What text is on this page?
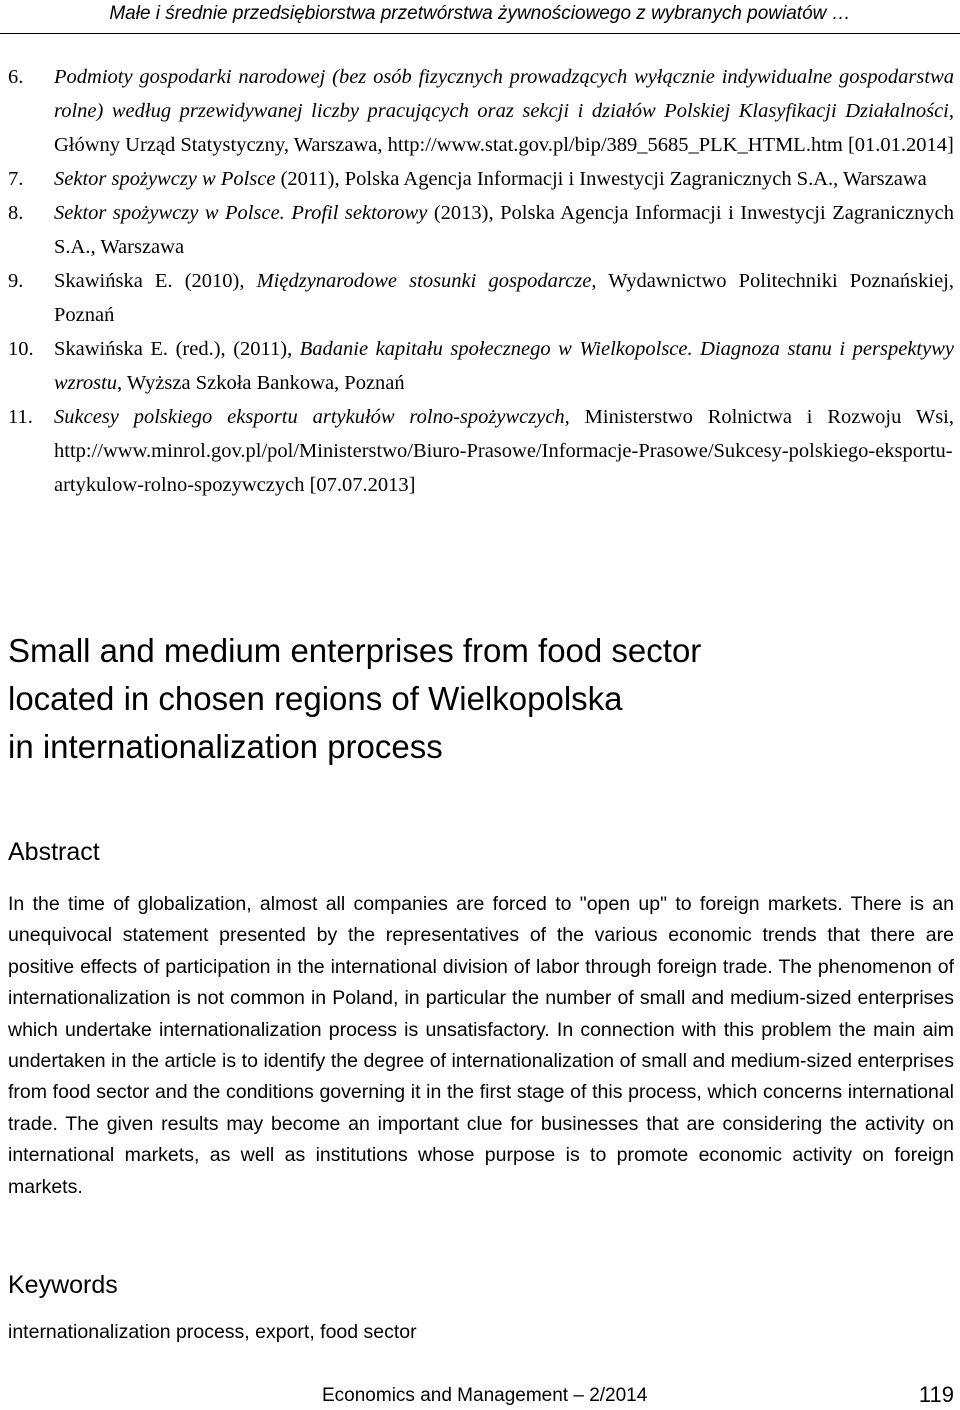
Małe i średnie przedsiębiorstwa przetwórstwa żywnościowego z wybranych powiatów …
6. Podmioty gospodarki narodowej (bez osób fizycznych prowadzących wyłącznie indywidualne gospodarstwa rolne) według przewidywanej liczby pracujących oraz sekcji i działów Polskiej Klasyfikacji Działalności, Główny Urząd Statystyczny, Warszawa, http://www.stat.gov.pl/bip/389_5685_PLK_HTML.htm [01.01.2014]
7. Sektor spożywczy w Polsce (2011), Polska Agencja Informacji i Inwestycji Zagranicznych S.A., Warszawa
8. Sektor spożywczy w Polsce. Profil sektorowy (2013), Polska Agencja Informacji i Inwestycji Zagranicznych S.A., Warszawa
9. Skawińska E. (2010), Międzynarodowe stosunki gospodarcze, Wydawnictwo Politechniki Poznańskiej, Poznań
10. Skawińska E. (red.), (2011), Badanie kapitału społecznego w Wielkopolsce. Diagnoza stanu i perspektywy wzrostu, Wyższa Szkoła Bankowa, Poznań
11. Sukcesy polskiego eksportu artykułów rolno-spożywczych, Ministerstwo Rolnictwa i Rozwoju Wsi, http://www.minrol.gov.pl/pol/Ministerstwo/Biuro-Prasowe/Informacje-Prasowe/Sukcesy-polskiego-eksportu-artykulow-rolno-spozywczych [07.07.2013]
Small and medium enterprises from food sector
located in chosen regions of Wielkopolska
in internationalization process
Abstract

In the time of globalization, almost all companies are forced to "open up" to foreign markets. There is an unequivocal statement presented by the representatives of the various economic trends that there are positive effects of participation in the international division of labor through foreign trade. The phenomenon of internationalization is not common in Poland, in particular the number of small and medium-sized enterprises which undertake internationalization process is unsatisfactory. In connection with this problem the main aim undertaken in the article is to identify the degree of internationalization of small and medium-sized enterprises from food sector and the conditions governing it in the first stage of this process, which concerns international trade. The given results may become an important clue for businesses that are considering the activity on international markets, as well as institutions whose purpose is to promote economic activity on foreign markets.

Keywords

internationalization process, export, food sector

Economics and Management – 2/2014	119
